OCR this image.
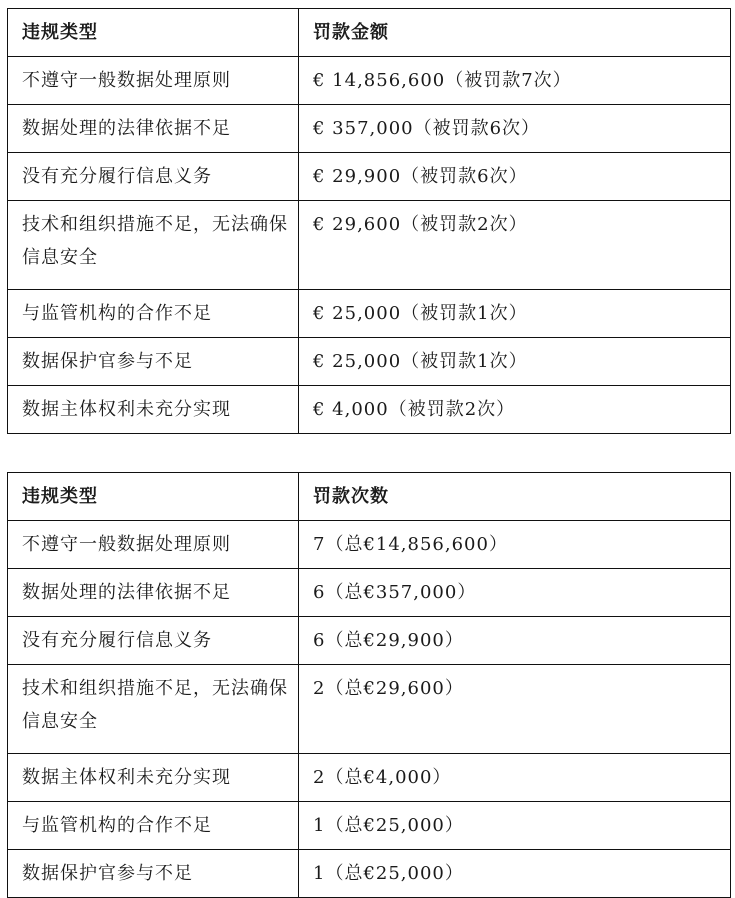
违规类型	罚款金额
不遵守一般数据处理原则	€ 14,856,600（被罚款7次）
数据处理的法律依据不足	€ 357,000（被罚款6次）
没有充分履行信息义务	€ 29,900（被罚款6次）
技术和组织措施不足，无法确保信息安全	€ 29,600（被罚款2次）
与监管机构的合作不足	€ 25,000（被罚款1次）
数据保护官参与不足	€ 25,000（被罚款1次）
数据主体权利未充分实现	€ 4,000（被罚款2次）
违规类型	罚款次数
不遵守一般数据处理原则	7（总€14,856,600）
数据处理的法律依据不足	6（总€357,000）
没有充分履行信息义务	6（总€29,900）
技术和组织措施不足，无法确保信息安全	2（总€29,600）
数据主体权利未充分实现	2（总€4,000）
与监管机构的合作不足	1（总€25,000）
数据保护官参与不足	1（总€25,000）
